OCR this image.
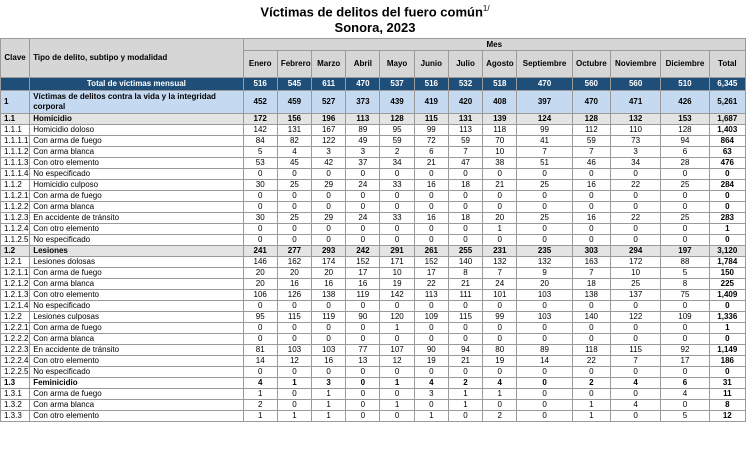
Víctimas de delitos del fuero común$^{1/}$
Sonora, 2023
Clave	Tipo de delito, subtipo y modalidad	Mes												
		Enero	Febrero	Marzo	Abril	Mayo	Junio	Julio	Agosto	Septiembre	Octubre	Noviembre	Diciembre	Total
	Total de víctimas mensual	516	545	611	470	537	516	532	518	470	560	560	510	6,345
1	Víctimas de delitos contra la vida y la integridad corporal	452	459	527	373	439	419	420	408	397	470	471	426	5,261
1.1	Homicidio	172	156	196	113	128	115	131	139	124	128	132	153	1,687
1.1.1	Homicidio doloso	142	131	167	89	95	99	113	118	99	112	110	128	1,403
1.1.1.1	Con arma de fuego	84	82	122	49	59	72	59	70	41	59	73	94	864
1.1.1.2	Con arma blanca	5	4	3	3	2	6	7	10	7	7	3	6	63
1.1.1.3	Con otro elemento	53	45	42	37	34	21	47	38	51	46	34	28	476
1.1.1.4	No especificado	0	0	0	0	0	0	0	0	0	0	0	0	0
1.1.2	Homicidio culposo	30	25	29	24	33	16	18	21	25	16	22	25	284
1.1.2.1	Con arma de fuego	0	0	0	0	0	0	0	0	0	0	0	0	0
1.1.2.2	Con arma blanca	0	0	0	0	0	0	0	0	0	0	0	0	0
1.1.2.3	En accidente de tránsito	30	25	29	24	33	16	18	20	25	16	22	25	283
1.1.2.4	Con otro elemento	0	0	0	0	0	0	0	1	0	0	0	0	1
1.1.2.5	No especificado	0	0	0	0	0	0	0	0	0	0	0	0	0
1.2	Lesiones	241	277	293	242	291	261	255	231	235	303	294	197	3,120
1.2.1	Lesiones dolosas	146	162	174	152	171	152	140	132	132	163	172	88	1,784
1.2.1.1	Con arma de fuego	20	20	20	17	10	17	8	7	9	7	10	5	150
1.2.1.2	Con arma blanca	20	16	16	16	19	22	21	24	20	18	25	8	225
1.2.1.3	Con otro elemento	106	126	138	119	142	113	111	101	103	138	137	75	1,409
1.2.1.4	No especificado	0	0	0	0	0	0	0	0	0	0	0	0	0
1.2.2	Lesiones culposas	95	115	119	90	120	109	115	99	103	140	122	109	1,336
1.2.2.1	Con arma de fuego	0	0	0	0	1	0	0	0	0	0	0	0	1
1.2.2.2	Con arma blanca	0	0	0	0	0	0	0	0	0	0	0	0	0
1.2.2.3	En accidente de tránsito	81	103	103	77	107	90	94	80	89	118	115	92	1,149
1.2.2.4	Con otro elemento	14	12	16	13	12	19	21	19	14	22	7	17	186
1.2.2.5	No especificado	0	0	0	0	0	0	0	0	0	0	0	0	0
1.3	Feminicidio	4	1	3	0	1	4	2	4	0	2	4	6	31
1.3.1	Con arma de fuego	1	0	1	0	0	3	1	1	0	0	0	4	11
1.3.2	Con arma blanca	2	0	1	0	1	0	1	0	0	1	4	0	8
1.3.3	Con otro elemento	1	1	1	0	0	1	0	2	0	1	0	5	12
